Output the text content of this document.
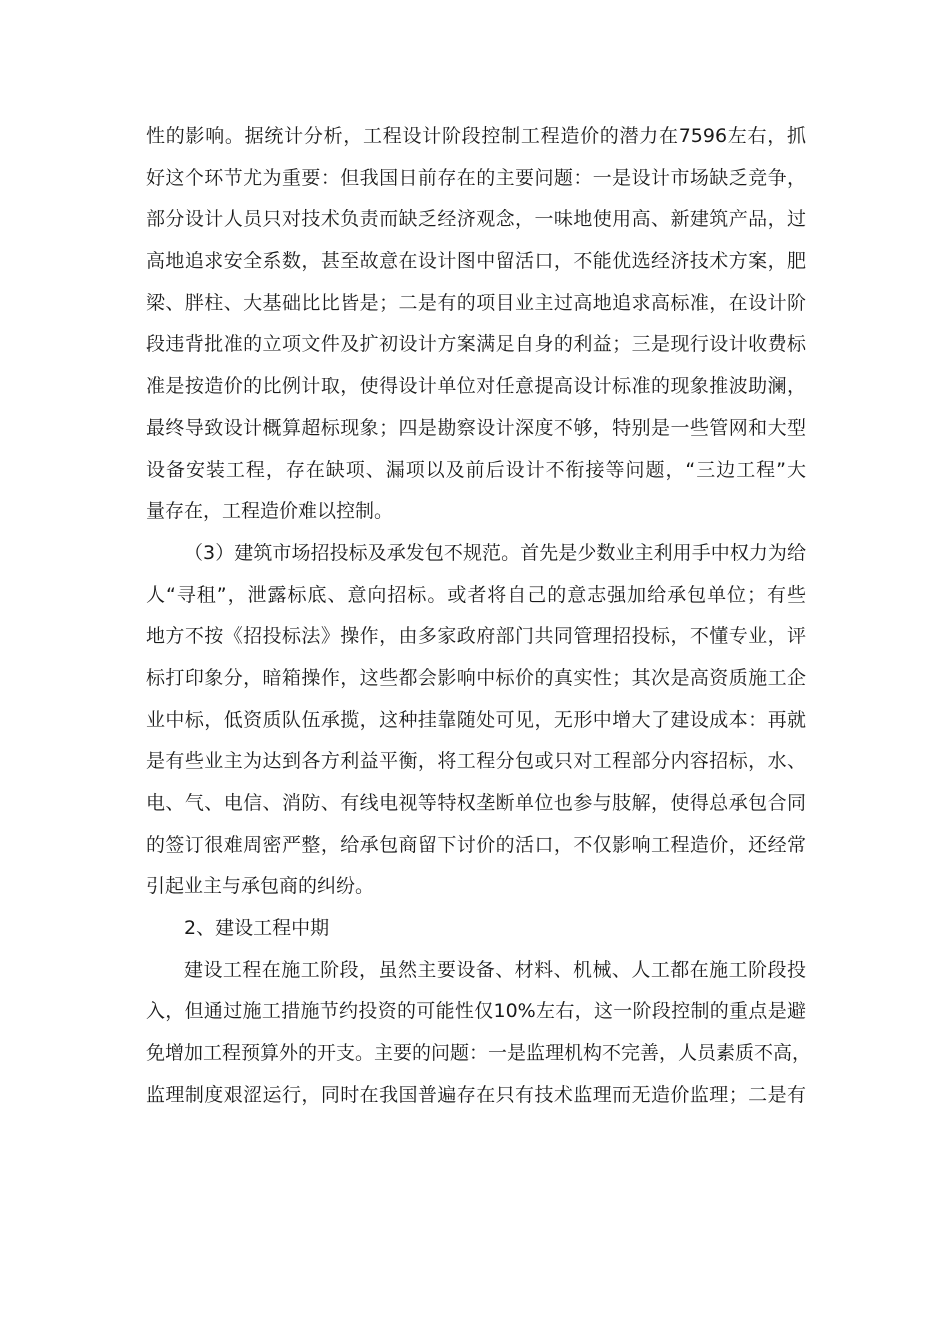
性的影响。据统计分析，工程设计阶段控制工程造价的潜力在7596左右，抓
好这个环节尤为重要：但我国日前存在的主要问题：一是设计市场缺乏竞争，
部分设计人员只对技术负责而缺乏经济观念，一味地使用高、新建筑产品，过
高地追求安全系数，甚至故意在设计图中留活口，不能优选经济技术方案，肥
梁、胖柱、大基础比比皆是；二是有的项目业主过高地追求高标准，在设计阶
段违背批准的立项文件及扩初设计方案满足自身的利益；三是现行设计收费标
准是按造价的比例计取，使得设计单位对任意提高设计标准的现象推波助澜，
最终导致设计概算超标现象；四是勘察设计深度不够，特别是一些管网和大型
设备安装工程，存在缺项、漏项以及前后设计不衔接等问题，“三边工程”大
量存在，工程造价难以控制。
（3）建筑市场招投标及承发包不规范。首先是少数业主利用手中权力为给
人“寻租”，泄露标底、意向招标。或者将自己的意志强加给承包单位；有些
地方不按《招投标法》操作，由多家政府部门共同管理招投标，不懂专业，评
标打印象分，暗箱操作，这些都会影响中标价的真实性；其次是高资质施工企
业中标，低资质队伍承揽，这种挂靠随处可见，无形中增大了建设成本：再就
是有些业主为达到各方利益平衡，将工程分包或只对工程部分内容招标，水、
电、气、电信、消防、有线电视等特权垄断单位也参与肢解，使得总承包合同
的签订很难周密严整，给承包商留下讨价的活口，不仅影响工程造价，还经常
引起业主与承包商的纠纷。
2、建设工程中期
建设工程在施工阶段，虽然主要设备、材料、机械、人工都在施工阶段投
入，但通过施工措施节约投资的可能性仅10%左右，这一阶段控制的重点是避
免增加工程预算外的开支。主要的问题：一是监理机构不完善，人员素质不高，
监理制度艰涩运行，同时在我国普遍存在只有技术监理而无造价监理；二是有
